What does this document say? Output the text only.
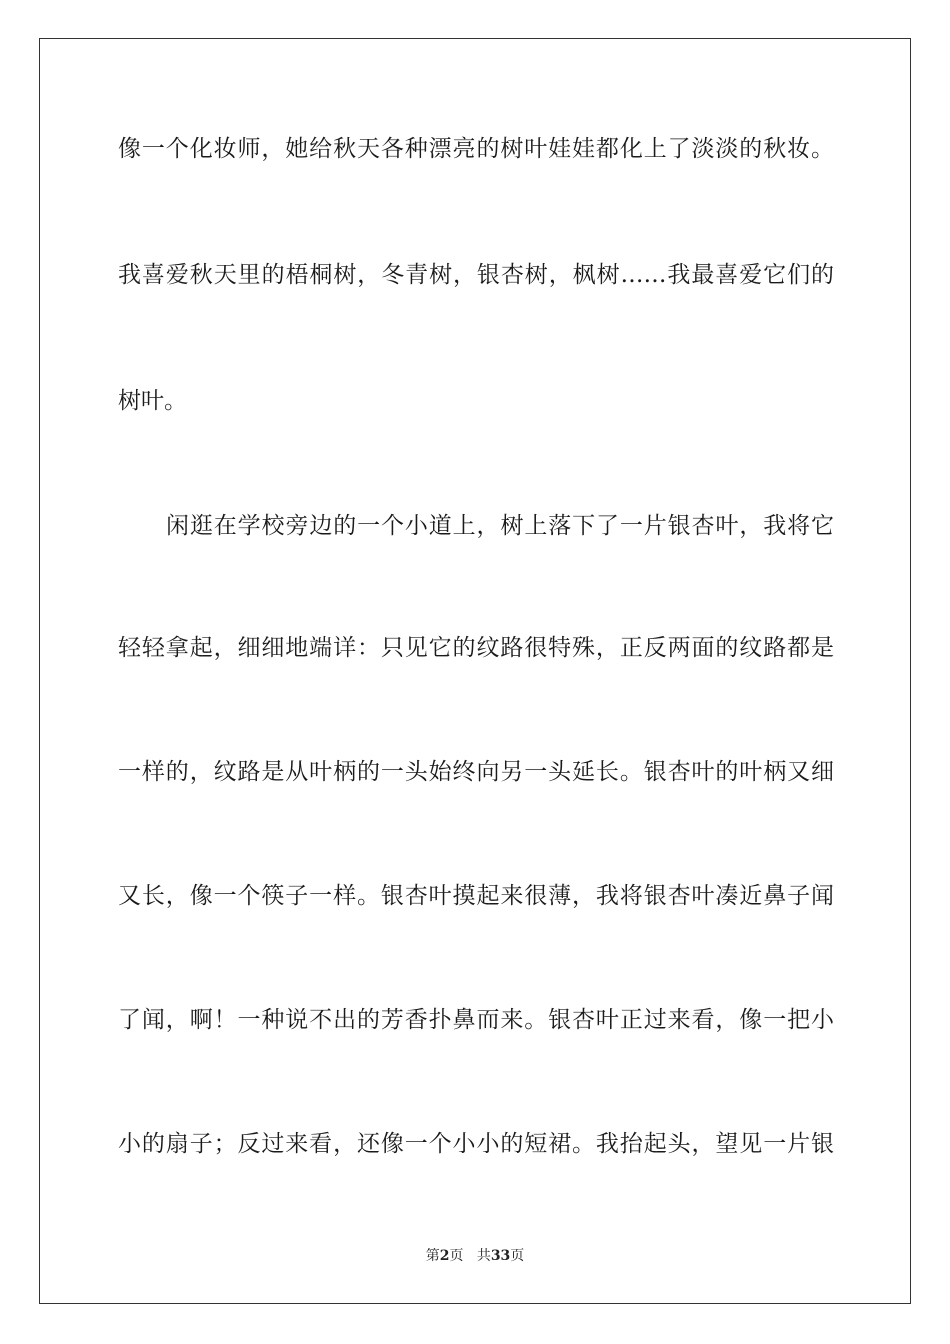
像一个化妆师，她给秋天各种漂亮的树叶娃娃都化上了淡淡的秋妆。
我喜爱秋天里的梧桐树，冬青树，银杏树，枫树……我最喜爱它们的
树叶。
闲逛在学校旁边的一个小道上，树上落下了一片银杏叶，我将它
轻轻拿起，细细地端详：只见它的纹路很特殊，正反两面的纹路都是
一样的，纹路是从叶柄的一头始终向另一头延长。银杏叶的叶柄又细
又长，像一个筷子一样。银杏叶摸起来很薄，我将银杏叶凑近鼻子闻
了闻，啊！一种说不出的芳香扑鼻而来。银杏叶正过来看，像一把小
小的扇子；反过来看，还像一个小小的短裙。我抬起头，望见一片银
第2页 共33页
